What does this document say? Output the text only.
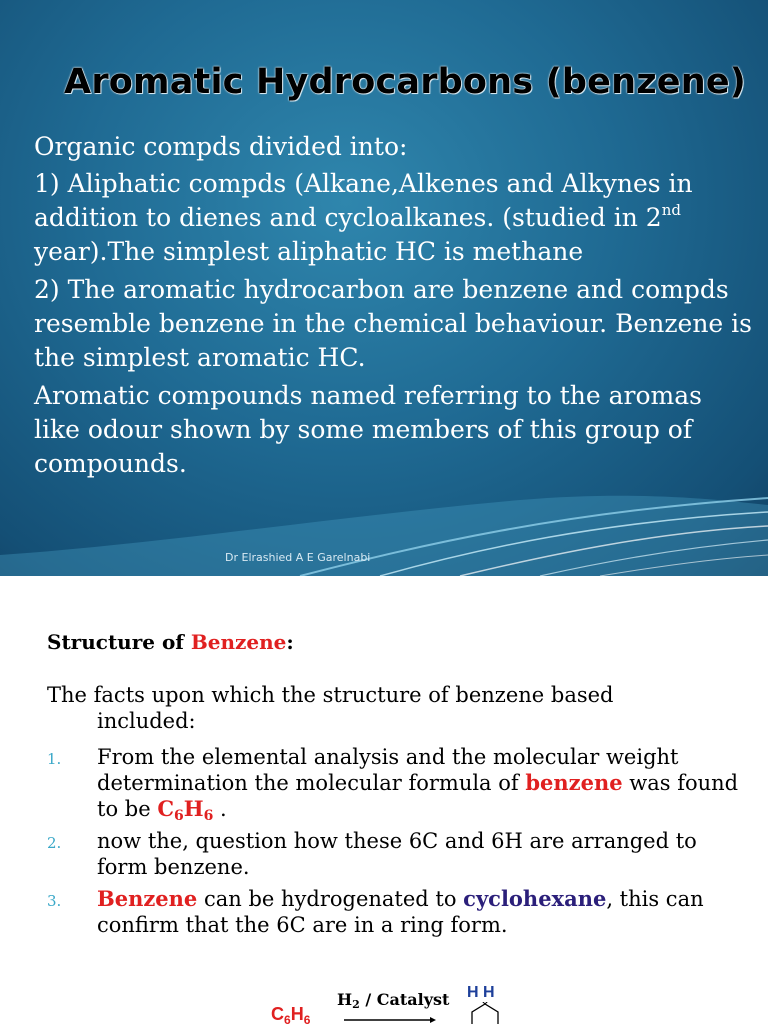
Aromatic Hydrocarbons (benzene)

Organic compds divided into:

1) Aliphatic compds (Alkane,Alkenes and Alkynes in addition to dienes and cycloalkanes. (studied in 2nd year).The simplest aliphatic HC is methane

2) The aromatic hydrocarbon are benzene and compds resemble benzene in the chemical behaviour. Benzene is the simplest aromatic HC.

Aromatic compounds named referring to the aromas like odour shown by some members of this group of compounds.

Dr Elrashied A E Garelnabi
Structure of Benzene:
The facts upon which the structure of benzene based
included:
1. From the elemental analysis and the molecular weight determination the molecular formula of benzene was found to be $C_6H_6$ .
2. now the, question how these 6C and 6H are arranged to form benzene.
3. Benzene can be hydrogenated to cyclohexane, this can confirm that the 6C are in a ring form.
$C_6H_6$
$H_2$ / Catalyst H H
